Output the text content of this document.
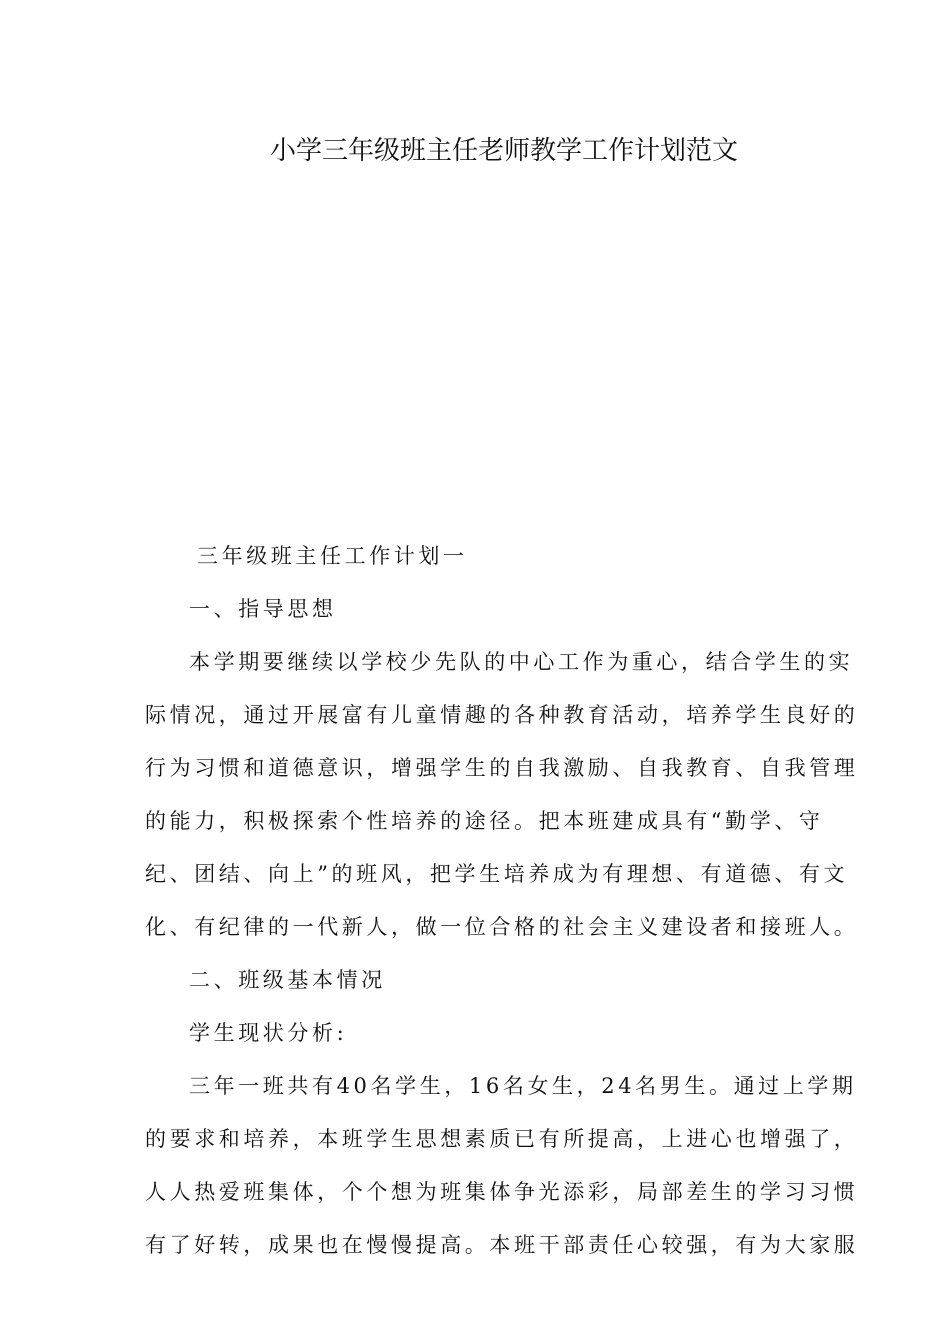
小学三年级班主任老师教学工作计划范文
三年级班主任工作计划一
一、指导思想
本学期要继续以学校少先队的中心工作为重心，结合学生的实
际情况，通过开展富有儿童情趣的各种教育活动，培养学生良好的
行为习惯和道德意识，增强学生的自我激励、自我教育、自我管理
的能力，积极探索个性培养的途径。把本班建成具有“勤学、守
纪、团结、向上”的班风，把学生培养成为有理想、有道德、有文
化、有纪律的一代新人，做一位合格的社会主义建设者和接班人。
二、班级基本情况
学生现状分析:
三年一班共有40名学生，16名女生，24名男生。通过上学期
的要求和培养，本班学生思想素质已有所提高，上进心也增强了，
人人热爱班集体，个个想为班集体争光添彩，局部差生的学习习惯
有了好转，成果也在慢慢提高。本班干部责任心较强，有为大家服
